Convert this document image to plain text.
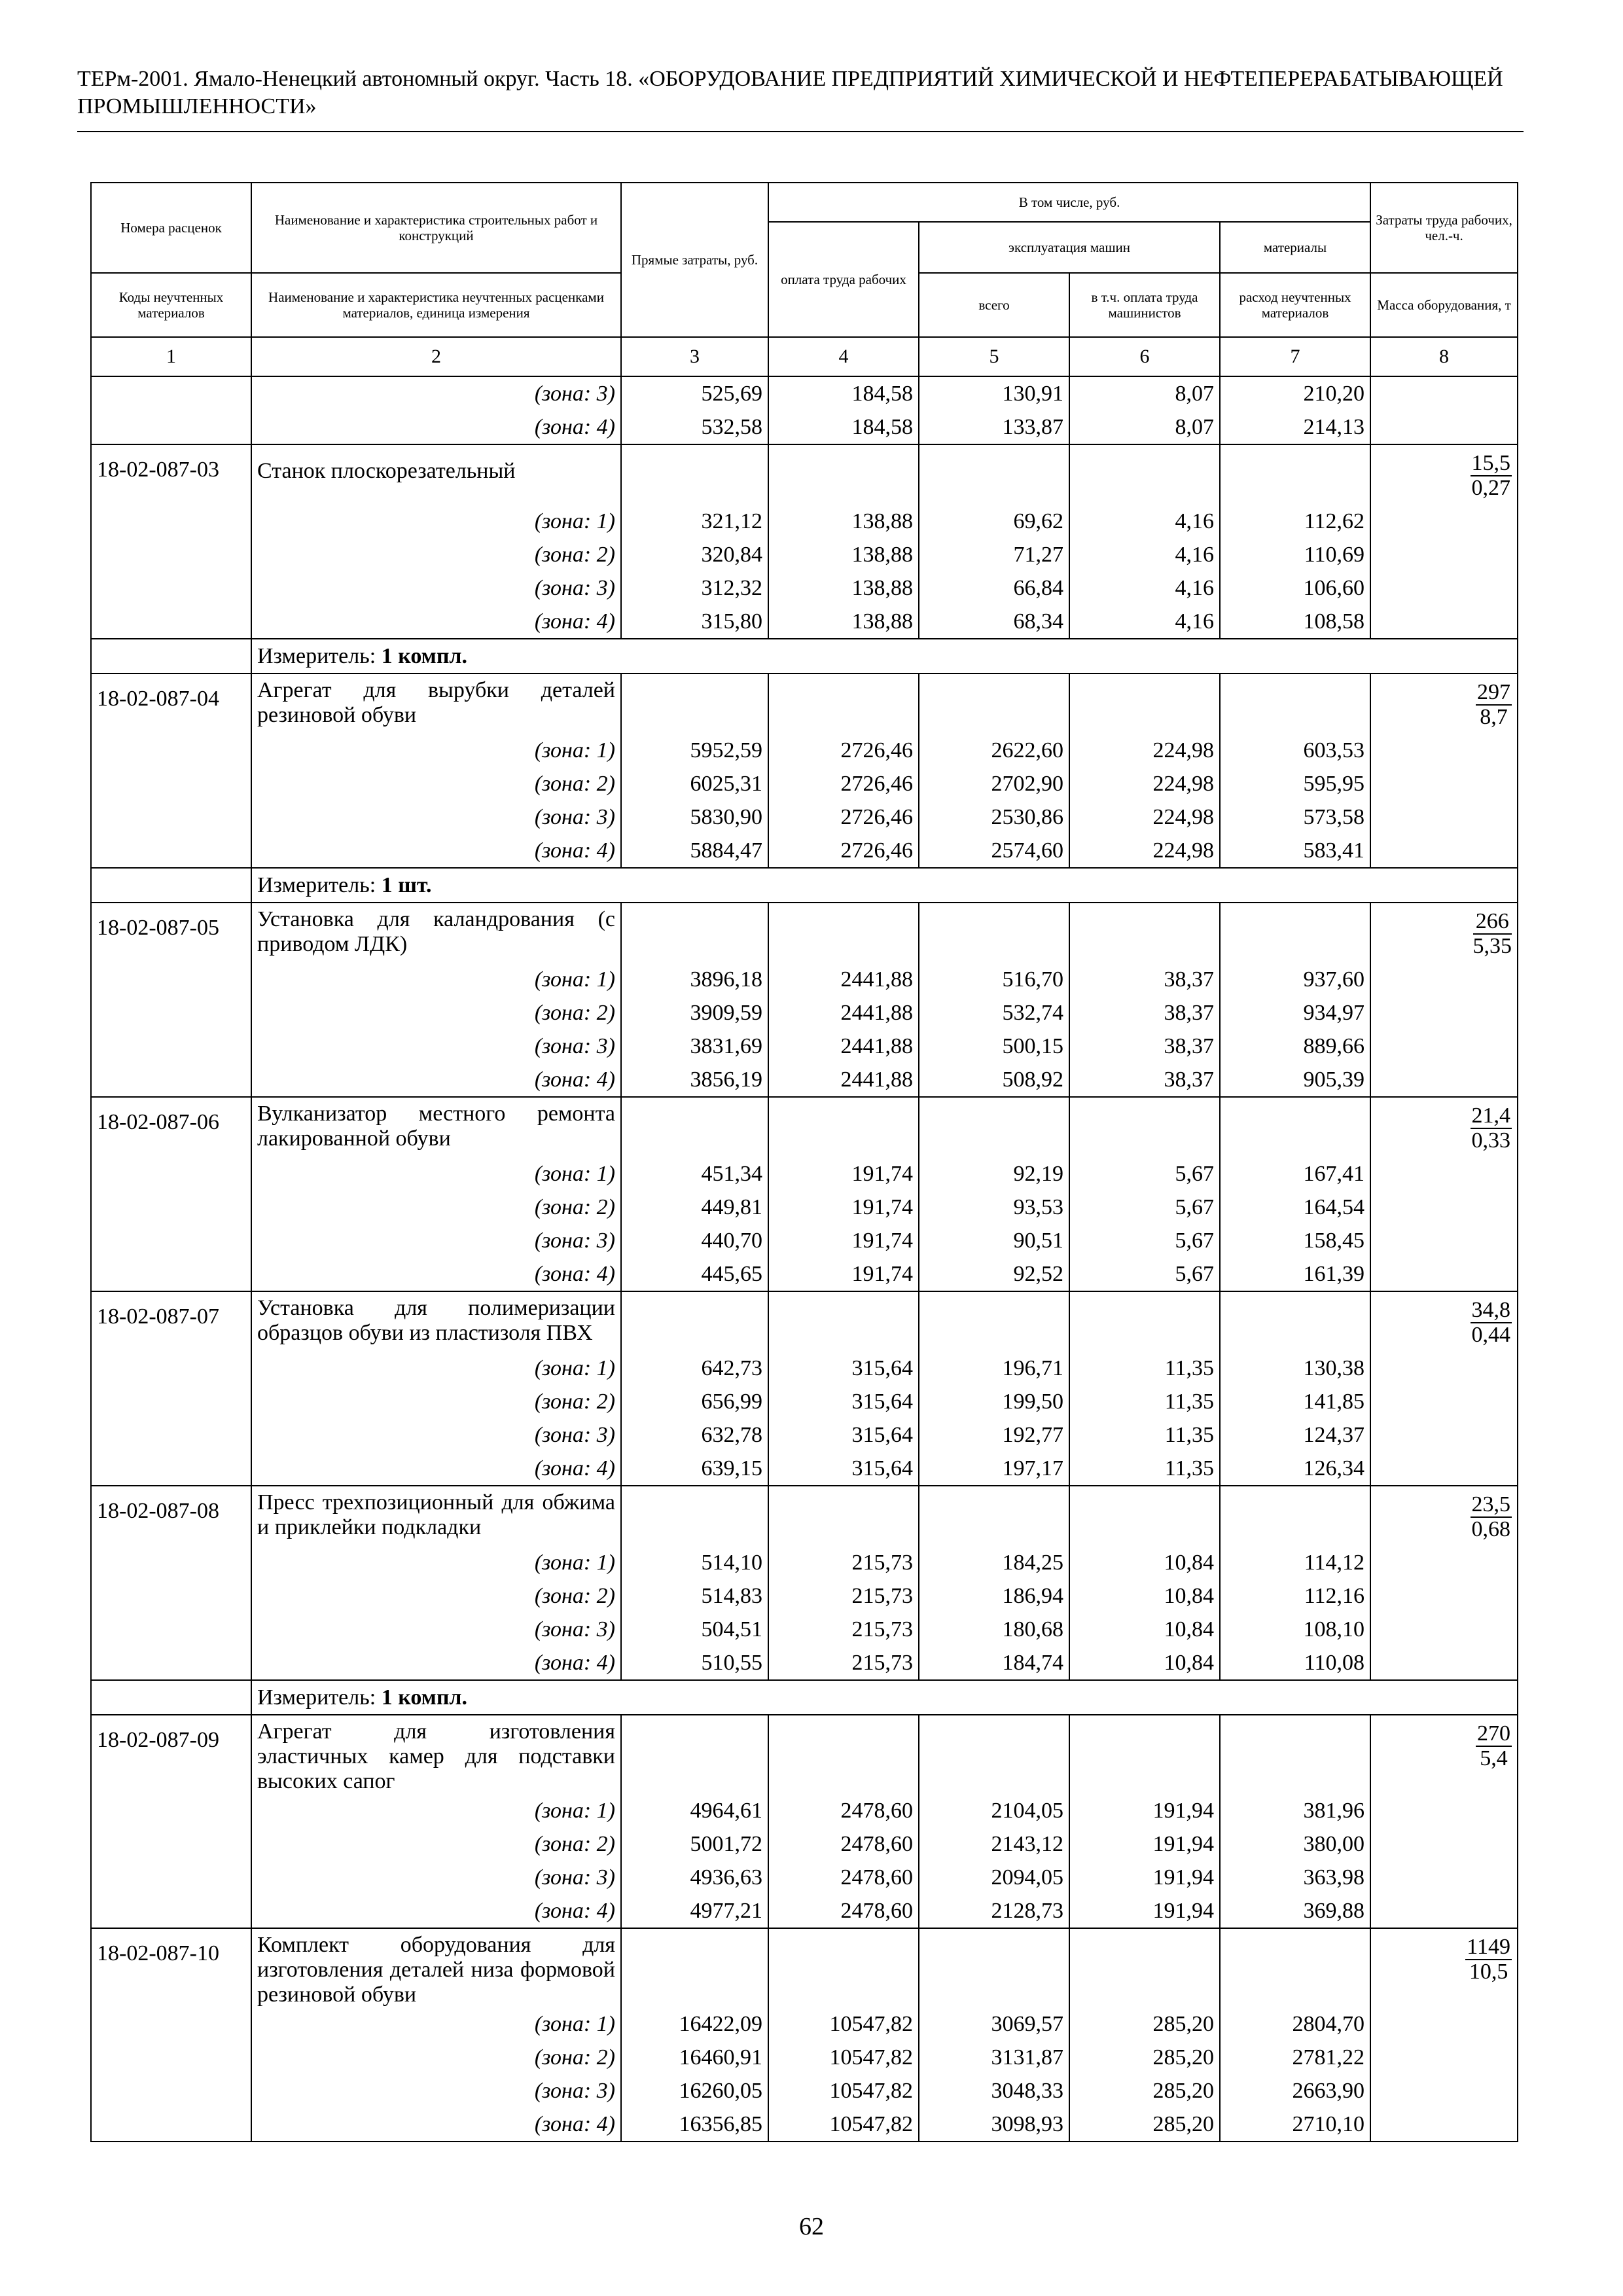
ТЕРм-2001. Ямало-Ненецкий автономный округ. Часть 18. «ОБОРУДОВАНИЕ ПРЕДПРИЯТИЙ ХИМИЧЕСКОЙ И НЕФТЕПЕРЕРАБАТЫВАЮЩЕЙ ПРОМЫШЛЕННОСТИ»
Номера расценок	Наименование и характеристика строительных работ и конструкций	Прямые затраты, руб.	В том числе, руб.				Затраты труда рабочих, чел.-ч.
			оплата труда рабочих	эксплуатация машин		материалы	
Коды неучтенных материалов	Наименование и характеристика неучтенных расценками материалов, единица измерения			всего	в т.ч. оплата труда машинистов	расход неучтенных материалов	Масса оборудования, т
1	2	3	4	5	6	7	8
	(зона: 3)	525,69	184,58	130,91	8,07	210,20	
	(зона: 4)	532,58	184,58	133,87	8,07	214,13	
18-02-087-03	Станок плоскорезательный						$\frac{15,5}{0,27}$

	(зона: 1)	321,12	138,88	69,62	4,16	112,62	
	(зона: 2)	320,84	138,88	71,27	4,16	110,69	
	(зона: 3)	312,32	138,88	66,84	4,16	106,60	
	(зона: 4)	315,80	138,88	68,34	4,16	108,58	
	Измеритель: 1 компл.						
18-02-087-04	Агрегат для вырубки деталей резиновой обуви						$\frac{297}{8,7}$

	(зона: 1)	5952,59	2726,46	2622,60	224,98	603,53	
	(зона: 2)	6025,31	2726,46	2702,90	224,98	595,95	
	(зона: 3)	5830,90	2726,46	2530,86	224,98	573,58	
	(зона: 4)	5884,47	2726,46	2574,60	224,98	583,41	
	Измеритель: 1 шт.						
18-02-087-05	Установка для каландрования (с приводом ЛДК)						$\frac{266}{5,35}$

	(зона: 1)	3896,18	2441,88	516,70	38,37	937,60	
	(зона: 2)	3909,59	2441,88	532,74	38,37	934,97	
	(зона: 3)	3831,69	2441,88	500,15	38,37	889,66	
	(зона: 4)	3856,19	2441,88	508,92	38,37	905,39	
18-02-087-06	Вулканизатор местного ремонта лакированной обуви						$\frac{21,4}{0,33}$

	(зона: 1)	451,34	191,74	92,19	5,67	167,41	
	(зона: 2)	449,81	191,74	93,53	5,67	164,54	
	(зона: 3)	440,70	191,74	90,51	5,67	158,45	
	(зона: 4)	445,65	191,74	92,52	5,67	161,39	
18-02-087-07	Установка для полимеризации образцов обуви из пластизоля ПВХ						$\frac{34,8}{0,44}$

	(зона: 1)	642,73	315,64	196,71	11,35	130,38	
	(зона: 2)	656,99	315,64	199,50	11,35	141,85	
	(зона: 3)	632,78	315,64	192,77	11,35	124,37	
	(зона: 4)	639,15	315,64	197,17	11,35	126,34	
18-02-087-08	Пресс трехпозиционный для обжима и приклейки подкладки						$\frac{23,5}{0,68}$

	(зона: 1)	514,10	215,73	184,25	10,84	114,12	
	(зона: 2)	514,83	215,73	186,94	10,84	112,16	
	(зона: 3)	504,51	215,73	180,68	10,84	108,10	
	(зона: 4)	510,55	215,73	184,74	10,84	110,08	
	Измеритель: 1 компл.						
18-02-087-09	Агрегат для изготовления эластичных камер для подставки высоких сапог						$\frac{270}{5,4}$

	(зона: 1)	4964,61	2478,60	2104,05	191,94	381,96	
	(зона: 2)	5001,72	2478,60	2143,12	191,94	380,00	
	(зона: 3)	4936,63	2478,60	2094,05	191,94	363,98	
	(зона: 4)	4977,21	2478,60	2128,73	191,94	369,88	
18-02-087-10	Комплект оборудования для изготовления деталей низа формовой резиновой обуви						$\frac{1149}{10,5}$

	(зона: 1)	16422,09	10547,82	3069,57	285,20	2804,70	
	(зона: 2)	16460,91	10547,82	3131,87	285,20	2781,22	
	(зона: 3)	16260,05	10547,82	3048,33	285,20	2663,90	
	(зона: 4)	16356,85	10547,82	3098,93	285,20	2710,10	
62
